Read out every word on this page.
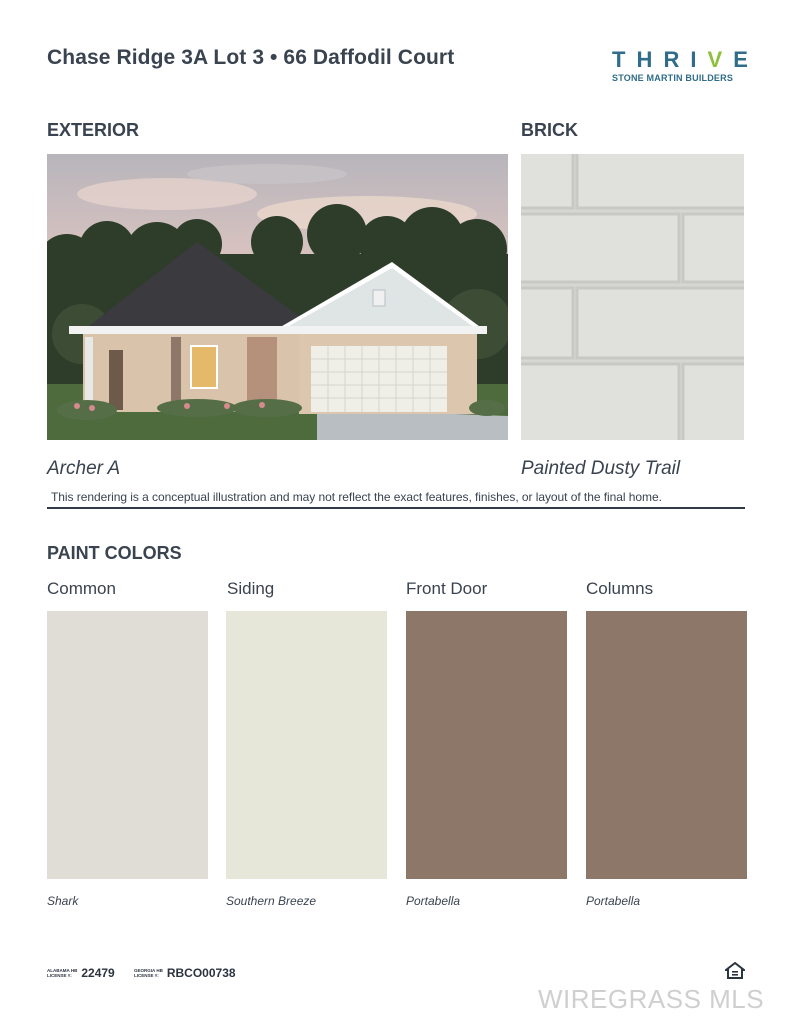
Chase Ridge 3A Lot 3 • 66 Daffodil Court	T H R I V E
STONE MARTIN BUILDERS
EXTERIOR	BRICK
Archer A	Painted Dusty Trail
This rendering is a conceptual illustration and may not reflect the exact features, finishes, or layout of the final home.
PAINT COLORS
Common	Siding	Front Door	Columns
Shark	Southern Breeze	Portabella	Portabella
ALABAMA HB
LICENSE #: 22479	GEORGIA HB
LICENSE #: RBCO00738
WIREGRASS MLS
